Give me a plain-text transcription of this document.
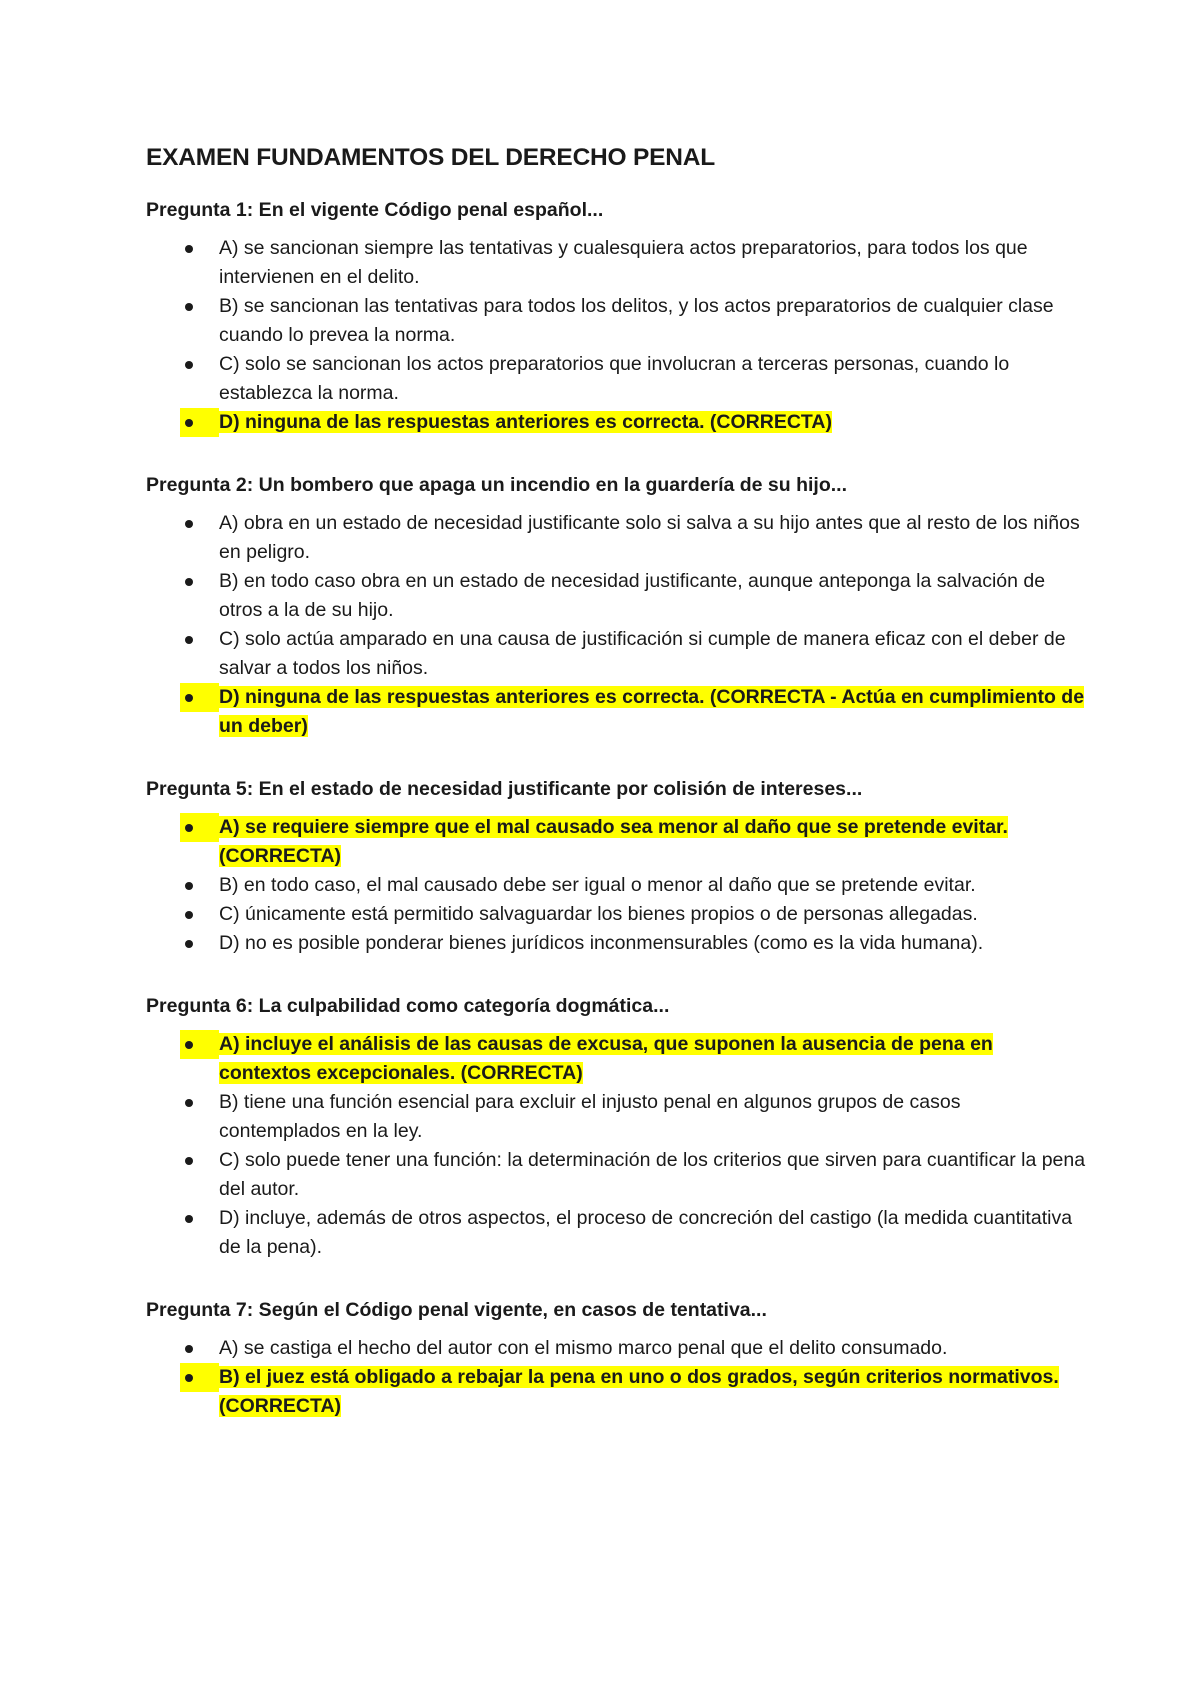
EXAMEN FUNDAMENTOS DEL DERECHO PENAL

Pregunta 1: En el vigente Código penal español...

A) se sancionan siempre las tentativas y cualesquiera actos preparatorios, para todos los que intervienen en el delito.
B) se sancionan las tentativas para todos los delitos, y los actos preparatorios de cualquier clase cuando lo prevea la norma.
C) solo se sancionan los actos preparatorios que involucran a terceras personas, cuando lo establezca la norma.
D) ninguna de las respuestas anteriores es correcta. (CORRECTA)

Pregunta 2: Un bombero que apaga un incendio en la guardería de su hijo...

A) obra en un estado de necesidad justificante solo si salva a su hijo antes que al resto de los niños en peligro.
B) en todo caso obra en un estado de necesidad justificante, aunque anteponga la salvación de otros a la de su hijo.
C) solo actúa amparado en una causa de justificación si cumple de manera eficaz con el deber de salvar a todos los niños.
D) ninguna de las respuestas anteriores es correcta. (CORRECTA - Actúa en cumplimiento de un deber)

Pregunta 5: En el estado de necesidad justificante por colisión de intereses...

A) se requiere siempre que el mal causado sea menor al daño que se pretende evitar. (CORRECTA)
B) en todo caso, el mal causado debe ser igual o menor al daño que se pretende evitar.
C) únicamente está permitido salvaguardar los bienes propios o de personas allegadas.
D) no es posible ponderar bienes jurídicos inconmensurables (como es la vida humana).

Pregunta 6: La culpabilidad como categoría dogmática...

A) incluye el análisis de las causas de excusa, que suponen la ausencia de pena en contextos excepcionales. (CORRECTA)
B) tiene una función esencial para excluir el injusto penal en algunos grupos de casos contemplados en la ley.
C) solo puede tener una función: la determinación de los criterios que sirven para cuantificar la pena del autor.
D) incluye, además de otros aspectos, el proceso de concreción del castigo (la medida cuantitativa de la pena).

Pregunta 7: Según el Código penal vigente, en casos de tentativa...

A) se castiga el hecho del autor con el mismo marco penal que el delito consumado.
B) el juez está obligado a rebajar la pena en uno o dos grados, según criterios normativos. (CORRECTA)
